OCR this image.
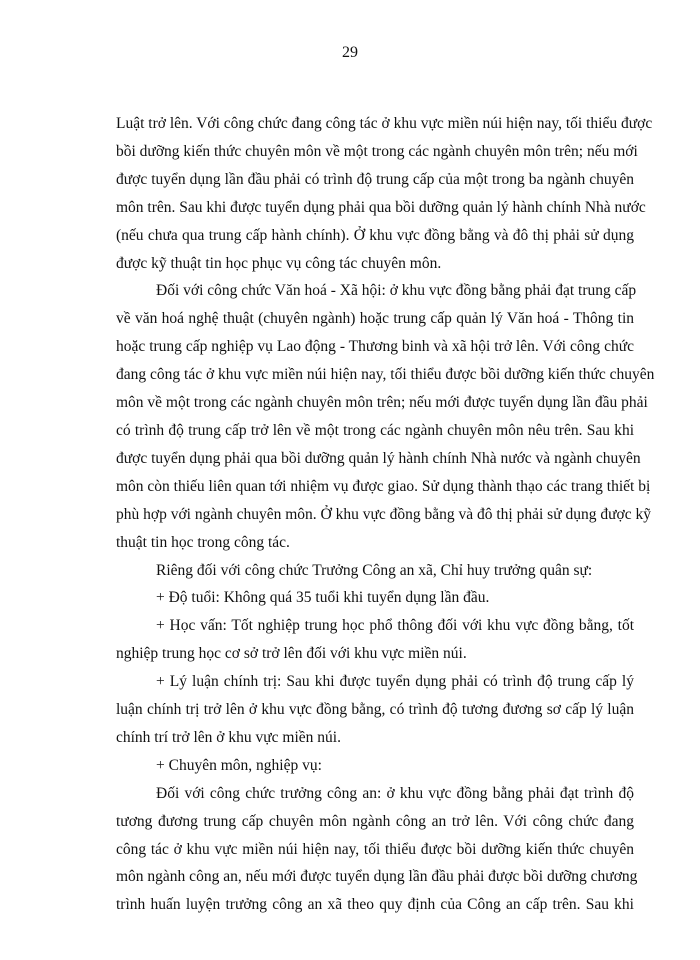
29
Luật trở lên. Với công chức đang công tác ở khu vực miền núi hiện nay, tối thiểu được
bồi dưỡng kiến thức chuyên môn về một trong các ngành chuyên môn trên; nếu mới
được tuyển dụng lần đầu phải có trình độ trung cấp của một trong ba ngành chuyên
môn trên. Sau khi được tuyển dụng phải qua bồi dưỡng quản lý hành chính Nhà nước
(nếu chưa qua trung cấp hành chính). Ở khu vực đồng bằng và đô thị phải sử dụng
được kỹ thuật tin học phục vụ công tác chuyên môn.
Đối với công chức Văn hoá - Xã hội: ở khu vực đồng bằng phải đạt trung cấp
về văn hoá nghệ thuật (chuyên ngành) hoặc trung cấp quản lý Văn hoá - Thông tin
hoặc trung cấp nghiệp vụ Lao động - Thương binh và xã hội trở lên. Với công chức
đang công tác ở khu vực miền núi hiện nay, tối thiểu được bồi dưỡng kiến thức chuyên
môn về một trong các ngành chuyên môn trên; nếu mới được tuyển dụng lần đầu phải
có trình độ trung cấp trở lên về một trong các ngành chuyên môn nêu trên. Sau khi
được tuyển dụng phải qua bồi dưỡng quản lý hành chính Nhà nước và ngành chuyên
môn còn thiếu liên quan tới nhiệm vụ được giao. Sử dụng thành thạo các trang thiết bị
phù hợp với ngành chuyên môn. Ở khu vực đồng bằng và đô thị phải sử dụng được kỹ
thuật tin học trong công tác.
Riêng đối với công chức Trưởng Công an xã, Chỉ huy trưởng quân sự:
+ Độ tuổi: Không quá 35 tuổi khi tuyển dụng lần đầu.
+ Học vấn: Tốt nghiệp trung học phổ thông đối với khu vực đồng bằng, tốt
nghiệp trung học cơ sở trở lên đối với khu vực miền núi.
+ Lý luận chính trị: Sau khi được tuyển dụng phải có trình độ trung cấp lý
luận chính trị trở lên ở khu vực đồng bằng, có trình độ tương đương sơ cấp lý luận
chính trí trở lên ở khu vực miền núi.
+ Chuyên môn, nghiệp vụ:
Đối với công chức trưởng công an: ở khu vực đồng bằng phải đạt trình độ
tương đương trung cấp chuyên môn ngành công an trở lên. Với công chức đang
công tác ở khu vực miền núi hiện nay, tối thiểu được bồi dưỡng kiến thức chuyên
môn ngành công an, nếu mới được tuyển dụng lần đầu phải được bồi dưỡng chương
trình huấn luyện trưởng công an xã theo quy định của Công an cấp trên. Sau khi
